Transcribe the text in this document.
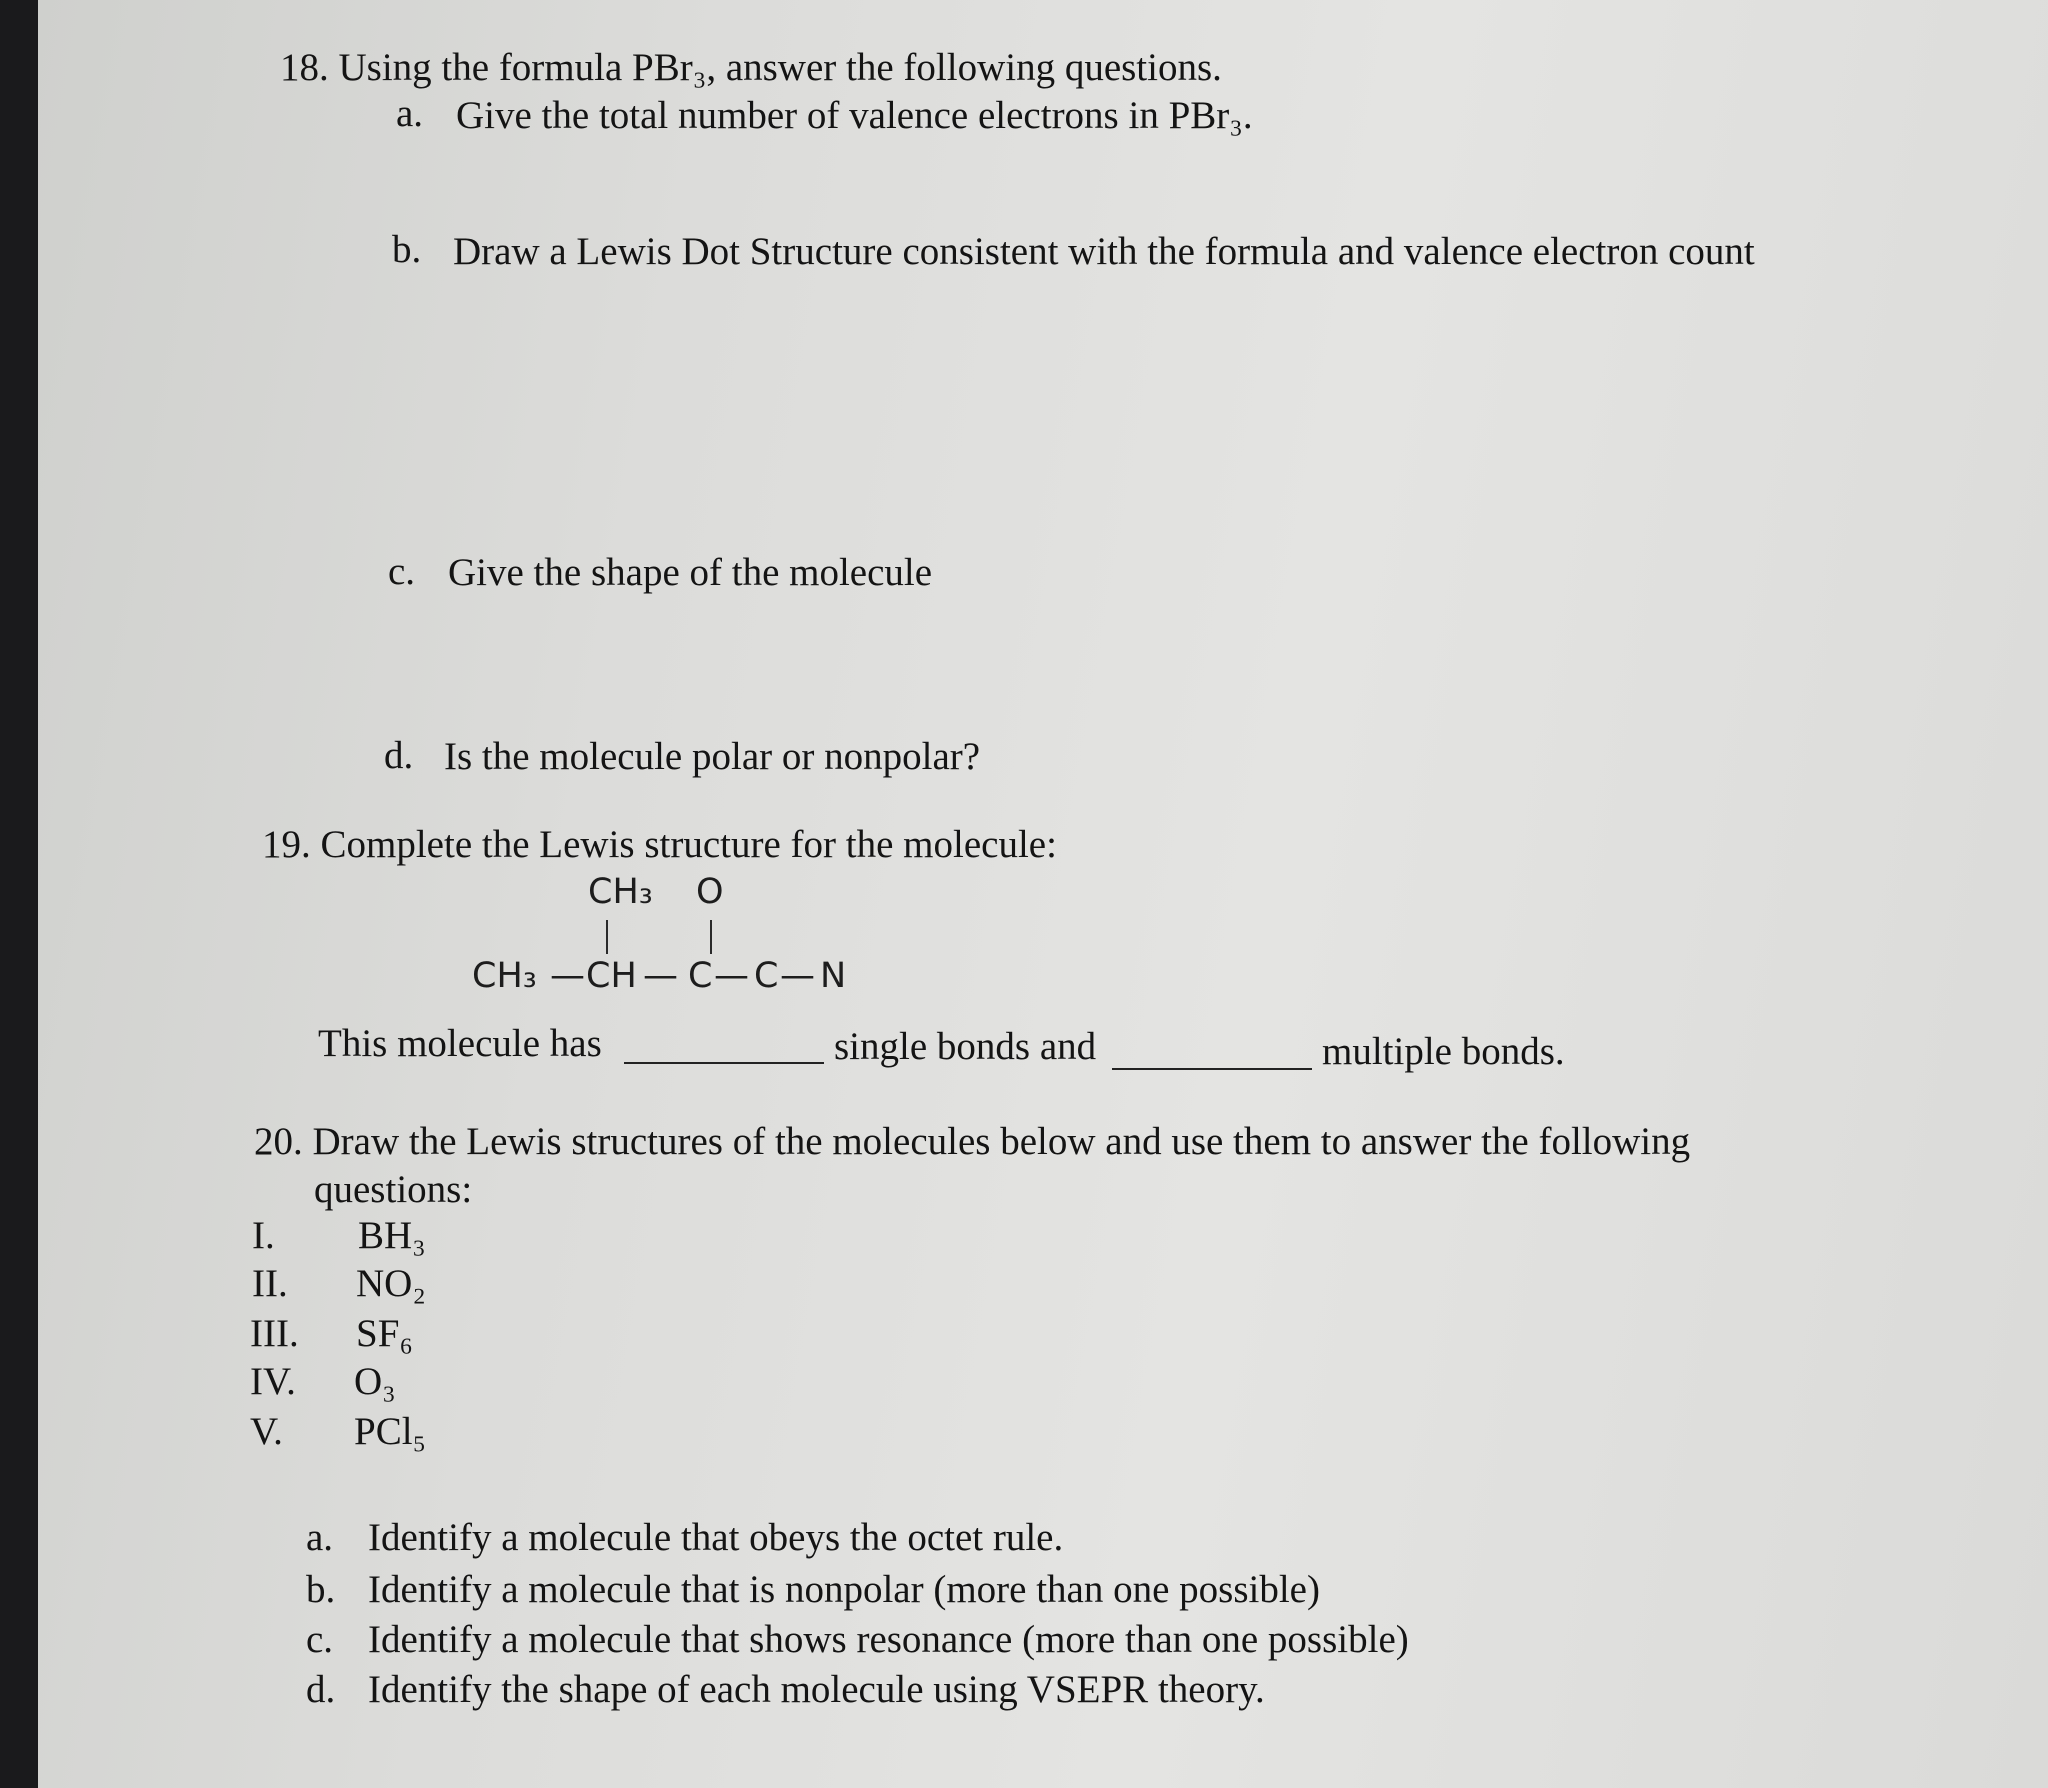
18. Using the formula PBr₃, answer the following questions.
a. Give the total number of valence electrons in PBr₃.
b. Draw a Lewis Dot Structure consistent with the formula and valence electron count
c. Give the shape of the molecule
d. Is the molecule polar or nonpolar?
19. Complete the Lewis structure for the molecule:
CH₃ O
CH₃ — CH — C — C — N
This molecule has	single bonds and	multiple bonds.
20. Draw the Lewis structures of the molecules below and use them to answer the following
questions:
I. BH₃
II. NO₂
III. SF₆
IV. O₃
V. PCl₅
a. Identify a molecule that obeys the octet rule.
b. Identify a molecule that is nonpolar (more than one possible)
c. Identify a molecule that shows resonance (more than one possible)
d. Identify the shape of each molecule using VSEPR theory.
